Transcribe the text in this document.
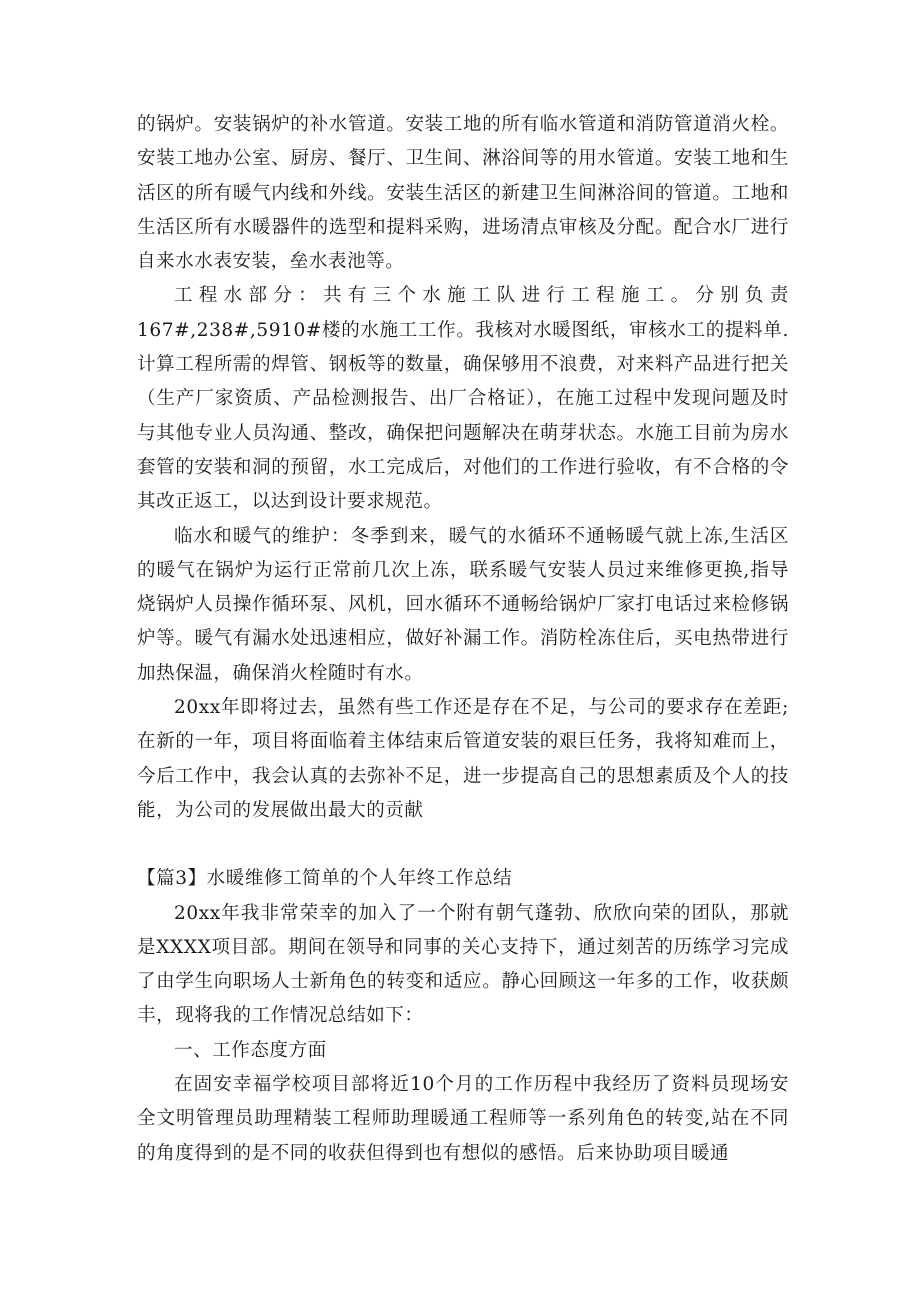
的锅炉。安装锅炉的补水管道。安装工地的所有临水管道和消防管道消火栓。安装工地办公室、厨房、餐厅、卫生间、淋浴间等的用水管道。安装工地和生活区的所有暖气内线和外线。安装生活区的新建卫生间淋浴间的管道。工地和生活区所有水暖器件的选型和提料采购，进场清点审核及分配。配合水厂进行自来水水表安装，垒水表池等。

工程水部分：共有三个水施工队进行工程施工。分别负责167#,238#,5910#楼的水施工工作。我核对水暖图纸，审核水工的提料单.计算工程所需的焊管、钢板等的数量，确保够用不浪费，对来料产品进行把关（生产厂家资质、产品检测报告、出厂合格证），在施工过程中发现问题及时与其他专业人员沟通、整改，确保把问题解决在萌芽状态。水施工目前为房水套管的安装和洞的预留，水工完成后，对他们的工作进行验收，有不合格的令其改正返工，以达到设计要求规范。

临水和暖气的维护：冬季到来，暖气的水循环不通畅暖气就上冻,生活区的暖气在锅炉为运行正常前几次上冻，联系暖气安装人员过来维修更换,指导烧锅炉人员操作循环泵、风机，回水循环不通畅给锅炉厂家打电话过来检修锅炉等。暖气有漏水处迅速相应，做好补漏工作。消防栓冻住后，买电热带进行加热保温，确保消火栓随时有水。

20xx年即将过去，虽然有些工作还是存在不足，与公司的要求存在差距;在新的一年，项目将面临着主体结束后管道安装的艰巨任务，我将知难而上，今后工作中，我会认真的去弥补不足，进一步提高自己的思想素质及个人的技能，为公司的发展做出最大的贡献

【篇3】水暖维修工简单的个人年终工作总结

20xx年我非常荣幸的加入了一个附有朝气蓬勃、欣欣向荣的团队，那就是XXXX项目部。期间在领导和同事的关心支持下，通过刻苦的历练学习完成了由学生向职场人士新角色的转变和适应。静心回顾这一年多的工作，收获颇丰，现将我的工作情况总结如下：

一、工作态度方面

在固安幸福学校项目部将近10个月的工作历程中我经历了资料员现场安全文明管理员助理精装工程师助理暖通工程师等一系列角色的转变,站在不同的角度得到的是不同的收获但得到也有想似的感悟。后来协助项目暖通
